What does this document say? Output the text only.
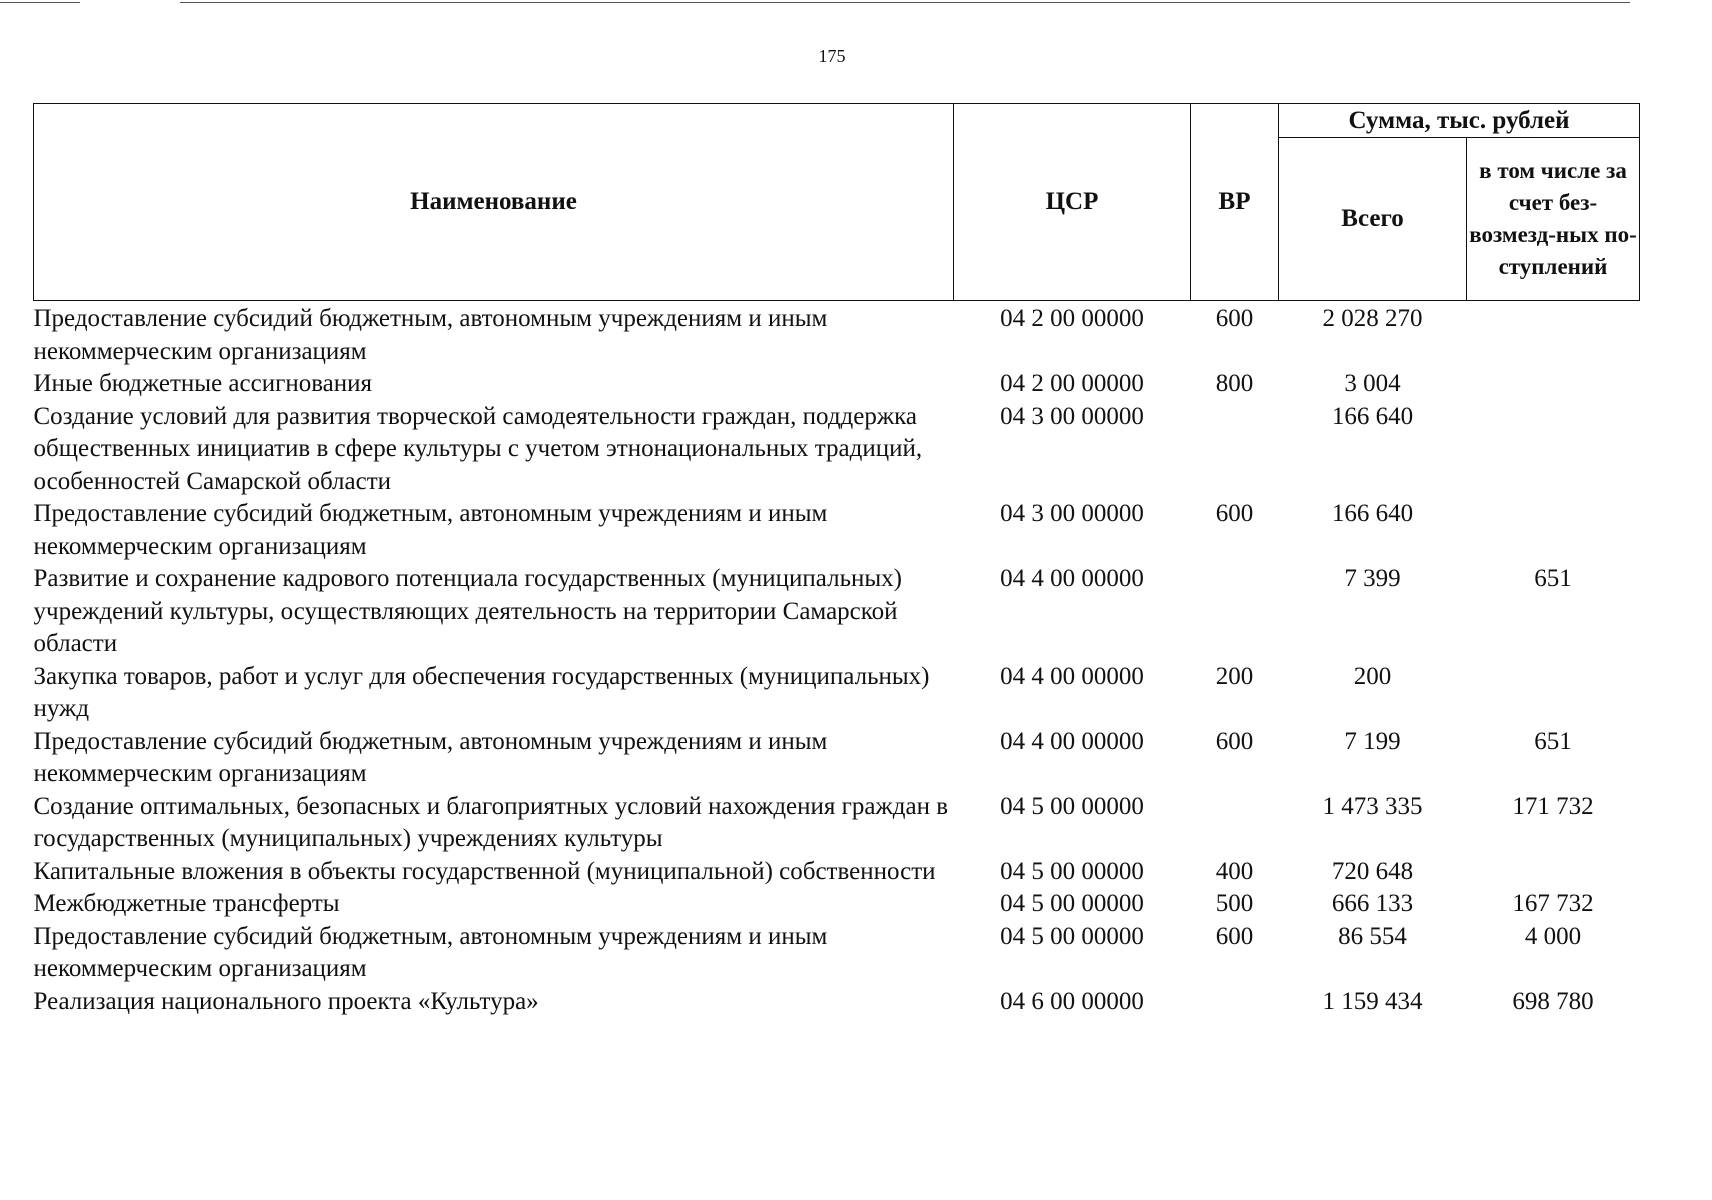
175
Наименование	ЦСР	ВР	Сумма, тыс. рублей	
			Всего	в том числе за счет без-возмезд-ных по-ступлений
Предоставление субсидий бюджетным, автономным учреждениям и иным некоммерческим организациям	04 2 00 00000	600	2 028 270	
Иные бюджетные ассигнования	04 2 00 00000	800	3 004	
Создание условий для развития творческой самодеятельности граждан, поддержка общественных инициатив в сфере культуры с учетом этнонациональных традиций, особенностей Самарской области	04 3 00 00000		166 640	
Предоставление субсидий бюджетным, автономным учреждениям и иным некоммерческим организациям	04 3 00 00000	600	166 640	
Развитие и сохранение кадрового потенциала государственных (муниципальных) учреждений культуры, осуществляющих деятельность на территории Самарской области	04 4 00 00000		7 399	651
Закупка товаров, работ и услуг для обеспечения государственных (муниципальных) нужд	04 4 00 00000	200	200	
Предоставление субсидий бюджетным, автономным учреждениям и иным некоммерческим организациям	04 4 00 00000	600	7 199	651
Создание оптимальных, безопасных и благоприятных условий нахождения граждан в государственных (муниципальных) учреждениях культуры	04 5 00 00000		1 473 335	171 732
Капитальные вложения в объекты государственной (муниципальной) собственности	04 5 00 00000	400	720 648	
Межбюджетные трансферты	04 5 00 00000	500	666 133	167 732
Предоставление субсидий бюджетным, автономным учреждениям и иным некоммерческим организациям	04 5 00 00000	600	86 554	4 000
Реализация национального проекта «Культура»	04 6 00 00000		1 159 434	698 780
